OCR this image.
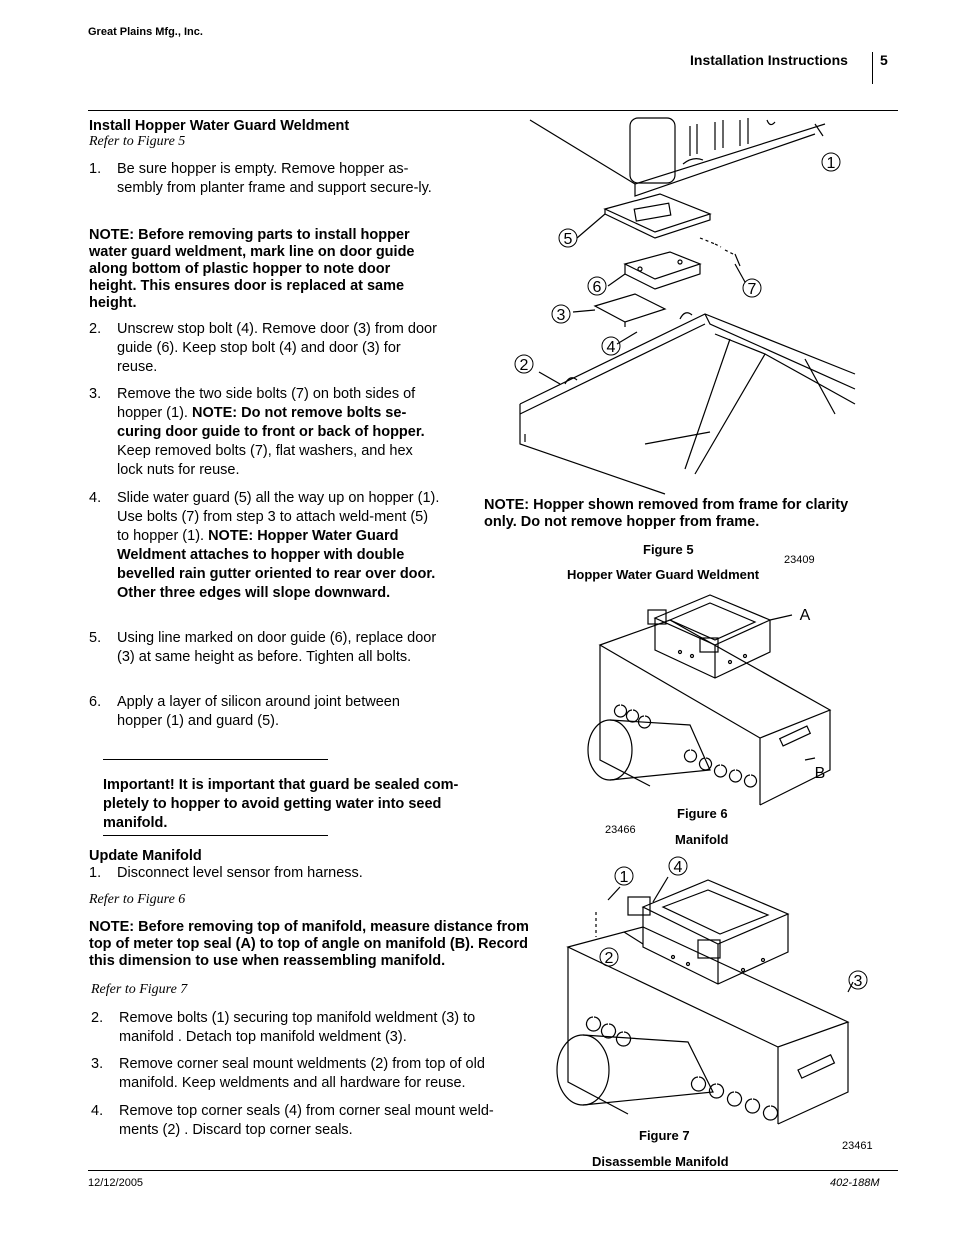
Great Plains Mfg., Inc.
Installation Instructions 5
Install Hopper Water Guard Weldment
Refer to Figure 5
1. Be sure hopper is empty. Remove hopper as-sembly from planter frame and support secure-ly.
NOTE: Before removing parts to install hopper water guard weldment, mark line on door guide along bottom of plastic hopper to note door height. This ensures door is replaced at same height.
2. Unscrew stop bolt (4). Remove door (3) from door guide (6). Keep stop bolt (4) and door (3) for reuse.
3. Remove the two side bolts (7) on both sides of hopper (1). NOTE: Do not remove bolts se-curing door guide to front or back of hopper. Keep removed bolts (7), flat washers, and hex lock nuts for reuse.
4. Slide water guard (5) all the way up on hopper (1). Use bolts (7) from step 3 to attach weld-ment (5) to hopper (1). NOTE: Hopper Water Guard Weldment attaches to hopper with double bevelled rain gutter oriented to rear over door. Other three edges will slope downward.
5. Using line marked on door guide (6), replace door (3) at same height as before. Tighten all bolts.
6. Apply a layer of silicon around joint between hopper (1) and guard (5).
Important! It is important that guard be sealed com-pletely to hopper to avoid getting water into seed manifold.
Update Manifold
1. Disconnect level sensor from harness.
Refer to Figure 6
NOTE: Before removing top of manifold, measure distance from top of meter top seal (A) to top of angle on manifold (B). Record this dimension to use when reassembling manifold.
Refer to Figure 7
2. Remove bolts (1) securing top manifold weldment (3) to manifold . Detach top manifold weldment (3).
3. Remove corner seal mount weldments (2) from top of old manifold. Keep weldments and all hardware for reuse.
4. Remove top corner seals (4) from corner seal mount weld-ments (2) . Discard top corner seals.
1
5
6	7
3
4
2
NOTE: Hopper shown removed from frame for clarity only. Do not remove hopper from frame.
Figure 5
23409
Hopper Water Guard Weldment
A
B
Figure 6
23466
Manifold
1
4
2
3
Figure 7
23461
Disassemble Manifold
12/12/2005	402-188M
